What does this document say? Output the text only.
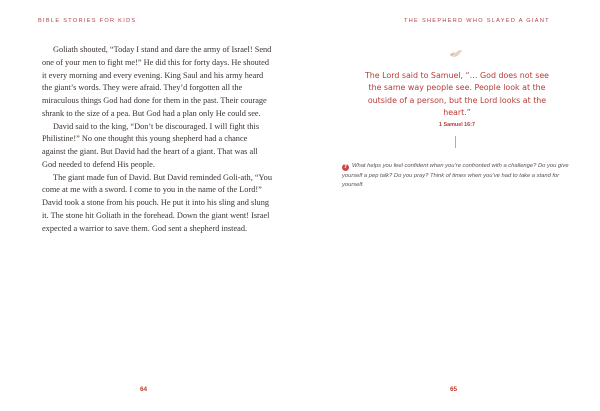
BIBLE STORIES FOR KIDS

Goliath shouted, “Today I stand and dare the army of Israel! Send one of your men to fight me!” He did this for forty days. He shouted it every morning and every evening. King Saul and his army heard the giant’s words. They were afraid. They’d forgotten all the miraculous things God had done for them in the past. Their courage shrank to the size of a pea. But God had a plan only He could see.

David said to the king, “Don’t be discouraged. I will fight this Philistine!” No one thought this young shepherd had a chance against the giant. But David had the heart of a giant. That was all God needed to defend His people.

The giant made fun of David. But David reminded Goli-ath, “You come at me with a sword. I come to you in the name of the Lord!” David took a stone from his pouch. He put it into his sling and slung it. The stone hit Goliath in the forehead. Down the giant went! Israel expected a warrior to save them. God sent a shepherd instead.

64
THE SHEPHERD WHO SLAYED A GIANT
The Lord said to Samuel, “… God does not see the same way people see. People look at the outside of a person, but the Lord looks at the heart.”
1 Samuel 16:7
? What helps you feel confident when you’re confronted with a challenge? Do you give yourself a pep talk? Do you pray? Think of times when you’ve had to take a stand for yourself.
65
